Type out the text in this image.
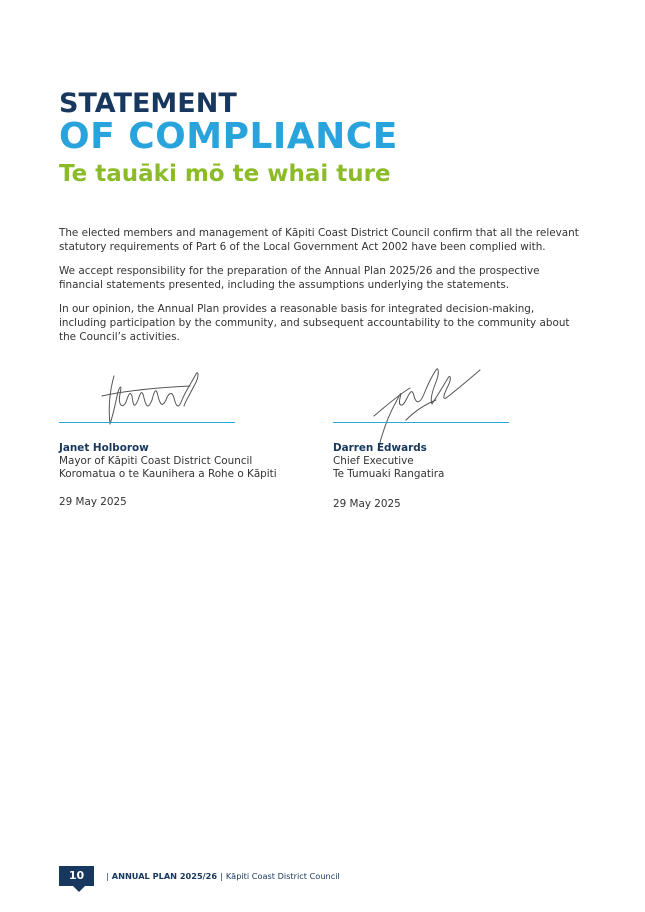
STATEMENT
OF COMPLIANCE
Te tauāki mō te whai ture

The elected members and management of Kāpiti Coast District Council confirm that all the relevant statutory requirements of Part 6 of the Local Government Act 2002 have been complied with.

We accept responsibility for the preparation of the Annual Plan 2025/26 and the prospective financial statements presented, including the assumptions underlying the statements.

In our opinion, the Annual Plan provides a reasonable basis for integrated decision-making, including participation by the community, and subsequent accountability to the community about the Council’s activities.

Janet Holborow
Mayor of Kāpiti Coast District Council
Koromatua o te Kaunihera a Rohe o Kāpiti
29 May 2025
Darren Edwards
Chief Executive
Te Tumuaki Rangatira
29 May 2025
10	| ANNUAL PLAN 2025/26 | Kāpiti Coast District Council
